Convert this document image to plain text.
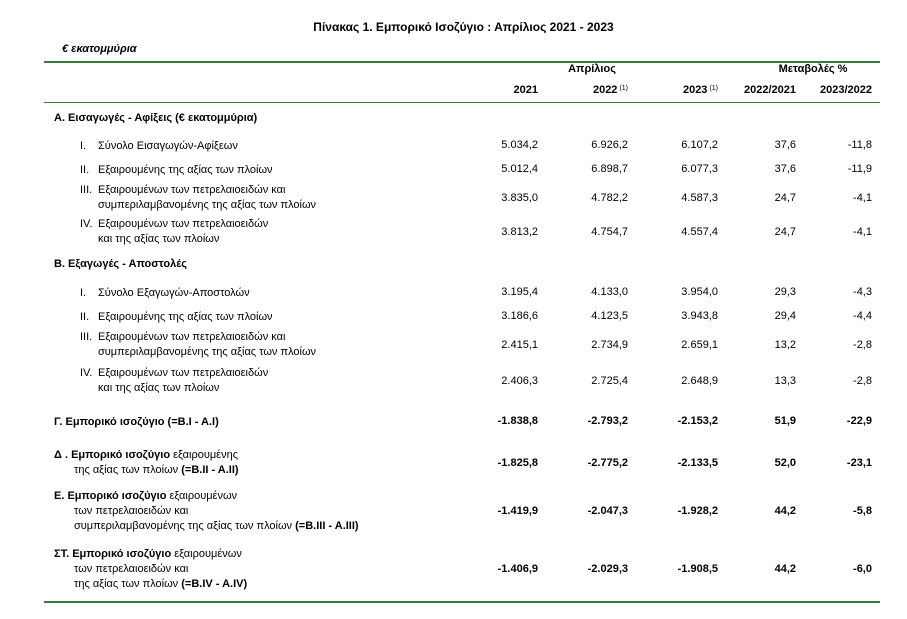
Πίνακας 1. Εμπορικό Ισοζύγιο : Απρίλιος 2021 - 2023
€ εκατομμύρια
Απρίλιος	Μεταβολές %
2021	2022 $^{(1)}$	2023 $^{(1)}$	2022/2021	2023/2022
Α. Εισαγωγές - Αφίξεις (€ εκατομμύρια)
I. Σύνολο Εισαγωγών-Αφίξεων	5.034,2	6.926,2	6.107,2	37,6	-11,8
II. Εξαιρουμένης της αξίας των πλοίων	5.012,4	6.898,7	6.077,3	37,6	-11,9
III. Εξαιρουμένων των πετρελαιοειδών και
συμπεριλαμβανομένης της αξίας των πλοίων
3.835,0	4.782,2	4.587,3	24,7	-4,1
IV. Εξαιρουμένων των πετρελαιοειδών
και της αξίας των πλοίων
3.813,2	4.754,7	4.557,4	24,7	-4,1
Β. Εξαγωγές - Αποστολές
I. Σύνολο Εξαγωγών-Αποστολών	3.195,4	4.133,0	3.954,0	29,3	-4,3
II. Εξαιρουμένης της αξίας των πλοίων	3.186,6	4.123,5	3.943,8	29,4	-4,4
III. Εξαιρουμένων των πετρελαιοειδών και
συμπεριλαμβανομένης της αξίας των πλοίων
2.415,1	2.734,9	2.659,1	13,2	-2,8
IV. Εξαιρουμένων των πετρελαιοειδών
και της αξίας των πλοίων
2.406,3	2.725,4	2.648,9	13,3	-2,8
Γ. Εμπορικό ισοζύγιο (=B.I - A.I)	-1.838,8	-2.793,2	-2.153,2	51,9	-22,9
Δ . Εμπορικό ισοζύγιο εξαιρουμένης
της αξίας των πλοίων (=B.II - A.II)
-1.825,8	-2.775,2	-2.133,5	52,0	-23,1
Ε. Εμπορικό ισοζύγιο εξαιρουμένων
των πετρελαιοειδών και
συμπεριλαμβανομένης της αξίας των πλοίων (=B.III - A.III)
-1.419,9	-2.047,3	-1.928,2	44,2	-5,8
ΣΤ. Εμπορικό ισοζύγιο εξαιρουμένων
των πετρελαιοειδών και
της αξίας των πλοίων (=B.IV - A.IV)
-1.406,9	-2.029,3	-1.908,5	44,2	-6,0
